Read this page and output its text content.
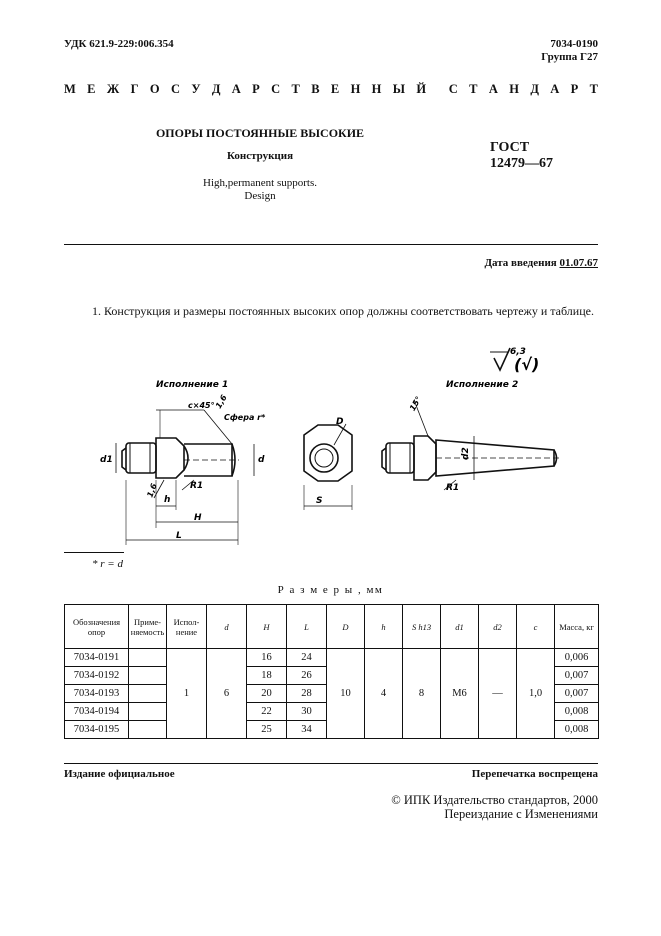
УДК 621.9-229:006.354	7034-0190
Группа Г27
М Е Ж Г О С У Д А Р С Т В Е Н Н Ы Й С Т А Н Д А Р Т
ОПОРЫ ПОСТОЯННЫЕ ВЫСОКИЕ
Конструкция
High,permanent supports.
Design
ГОСТ
12479—67
Дата введения 01.07.67
1. Конструкция и размеры постоянных высоких опор должны соответствовать чертежу и таблице.
6,3
(√)
Исполнение 1	Исполнение 2
c×45°
Сфера r*
1,6
R1
d1	d
h
H
L
1,6
D
S
15°
d2
R1
* r = d
Р а з м е р ы , мм
Обозначения опор	Приме-няемость	Испол-нение	d	H	L	D	h	S h13	d1	d2	c	Масса, кг
7034-0191		1	6	16	24	10	4	8	M6	—	1,0	0,006
7034-0192				18	26							0,007
7034-0193				20	28							0,007
7034-0194				22	30							0,008
7034-0195				25	34							0,008
Издание официальное	Перепечатка воспрещена
© ИПК Издательство стандартов, 2000
Переиздание с Изменениями
